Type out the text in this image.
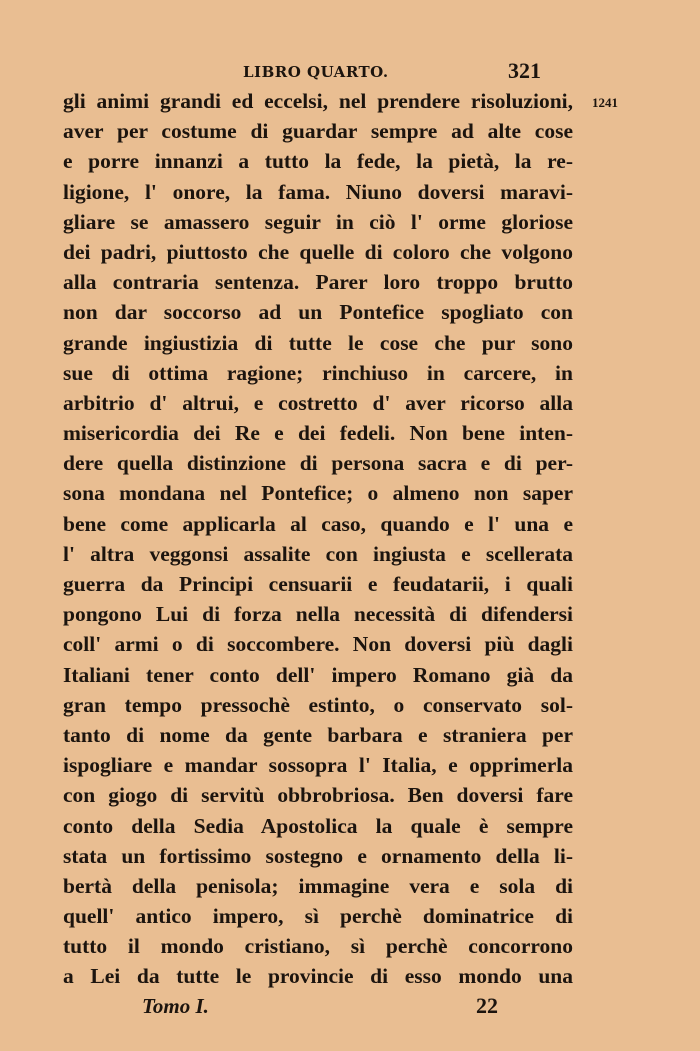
LIBRO QUARTO.	321
1241
gli animi grandi ed eccelsi, nel prendere risoluzioni,
aver per costume di guardar sempre ad alte cose
e porre innanzi a tutto la fede, la pietà, la re-
ligione, l' onore, la fama. Niuno doversi maravi-
gliare se amassero seguir in ciò l' orme gloriose
dei padri, piuttosto che quelle di coloro che volgono
alla contraria sentenza. Parer loro troppo brutto
non dar soccorso ad un Pontefice spogliato con
grande ingiustizia di tutte le cose che pur sono
sue di ottima ragione; rinchiuso in carcere, in
arbitrio d' altrui, e costretto d' aver ricorso alla
misericordia dei Re e dei fedeli. Non bene inten-
dere quella distinzione di persona sacra e di per-
sona mondana nel Pontefice; o almeno non saper
bene come applicarla al caso, quando e l' una e
l' altra veggonsi assalite con ingiusta e scellerata
guerra da Principi censuarii e feudatarii, i quali
pongono Lui di forza nella necessità di difendersi
coll' armi o di soccombere. Non doversi più dagli
Italiani tener conto dell' impero Romano già da
gran tempo pressochè estinto, o conservato sol-
tanto di nome da gente barbara e straniera per
ispogliare e mandar sossopra l' Italia, e opprimerla
con giogo di servitù obbrobriosa. Ben doversi fare
conto della Sedia Apostolica la quale è sempre
stata un fortissimo sostegno e ornamento della li-
bertà della penisola; immagine vera e sola di
quell' antico impero, sì perchè dominatrice di
tutto il mondo cristiano, sì perchè concorrono
a Lei da tutte le provincie di esso mondo una
Tomo I.	22
